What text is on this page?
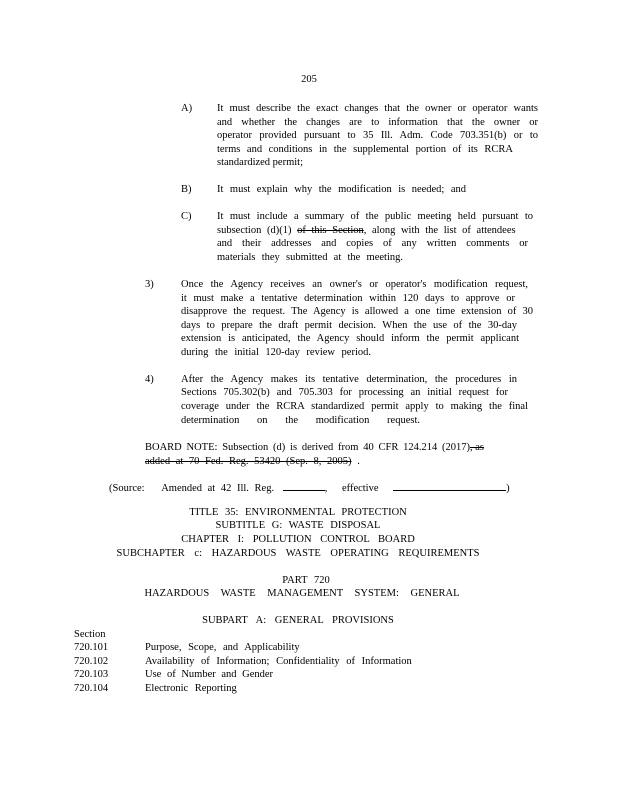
205
A) It must describe the exact changes that the owner or operator wants
and whether the changes are to information that the owner or
operator provided pursuant to 35 Ill. Adm. Code 703.351(b) or to
terms and conditions in the supplemental portion of its RCRA
standardized permit;
B) It must explain why the modification is needed; and
C) It must include a summary of the public meeting held pursuant to
subsection (d)(1) of this Section, along with the list of attendees
and their addresses and copies of any written comments or
materials they submitted at the meeting.
3)	Once the Agency receives an owner's or operator's modification request,
it must make a tentative determination within 120 days to approve or
disapprove the request. The Agency is allowed a one time extension of 30
days to prepare the draft permit decision. When the use of the 30-day
extension is anticipated, the Agency should inform the permit applicant
during the initial 120-day review period.
4)	After the Agency makes its tentative determination, the procedures in
Sections 705.302(b) and 705.303 for processing an initial request for
coverage under the RCRA standardized permit apply to making the final
determination on the modification request.
BOARD NOTE: Subsection (d) is derived from 40 CFR 124.214 (2017), as
added at 70 Fed. Reg. 53420 (Sep. 8, 2005) .
(Source: Amended at 42 Ill. Reg.	, effective	)
TITLE 35: ENVIRONMENTAL PROTECTION
SUBTITLE G: WASTE DISPOSAL
CHAPTER I: POLLUTION CONTROL BOARD
SUBCHAPTER c: HAZARDOUS WASTE OPERATING REQUIREMENTS
PART 720
HAZARDOUS WASTE MANAGEMENT SYSTEM: GENERAL
SUBPART A: GENERAL PROVISIONS
Section
720.101	Purpose, Scope, and Applicability
720.102	Availability of Information; Confidentiality of Information
720.103	Use of Number and Gender
720.104	Electronic Reporting
